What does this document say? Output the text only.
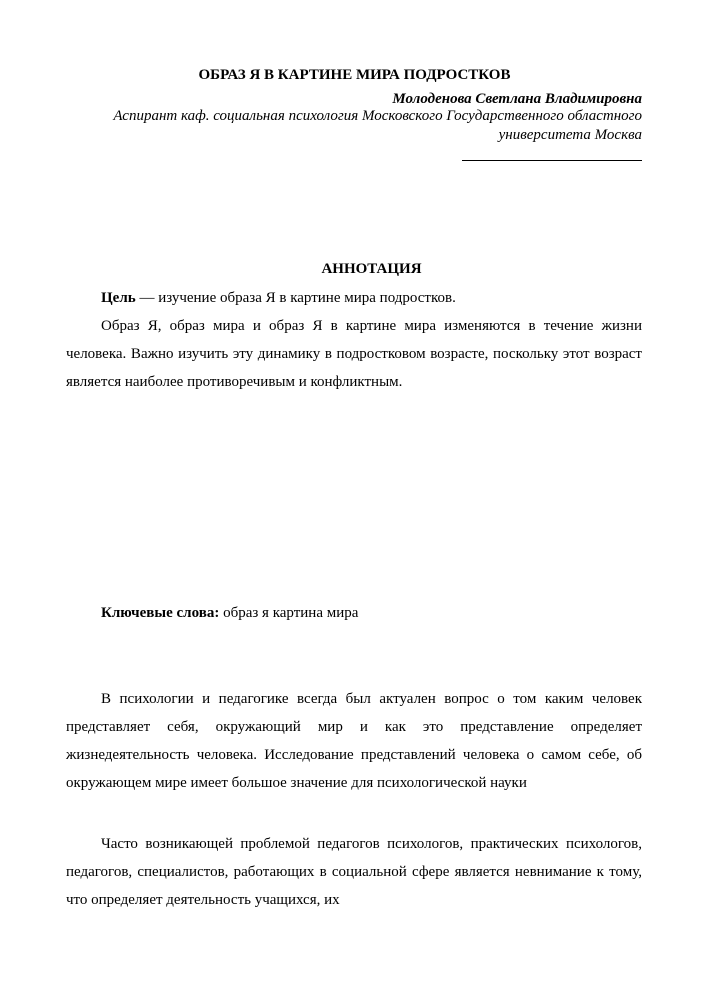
ОБРАЗ Я В КАРТИНЕ МИРА ПОДРОСТКОВ
Молоденова Светлана Владимировна
Аспирант каф. социальная психология Московского Государственного областного университета Москва
АННОТАЦИЯ
Цель — изучение образа Я в картине мира подростков.
Образ Я, образ мира и образ Я в картине мира изменяются в течение жизни человека. Важно изучить эту динамику в подростковом возрасте, поскольку этот возраст является наиболее противоречивым и конфликтным.
Ключевые слова: образ я картина мира
В психологии и педагогике всегда был актуален вопрос о том каким человек представляет себя, окружающий мир и как это представление определяет жизнедеятельность человека. Исследование представлений человека о самом себе, об окружающем мире имеет большое значение для психологической науки
Часто возникающей проблемой педагогов психологов, практических психологов, педагогов, специалистов, работающих в социальной сфере является невнимание к тому, что определяет деятельность учащихся, их
